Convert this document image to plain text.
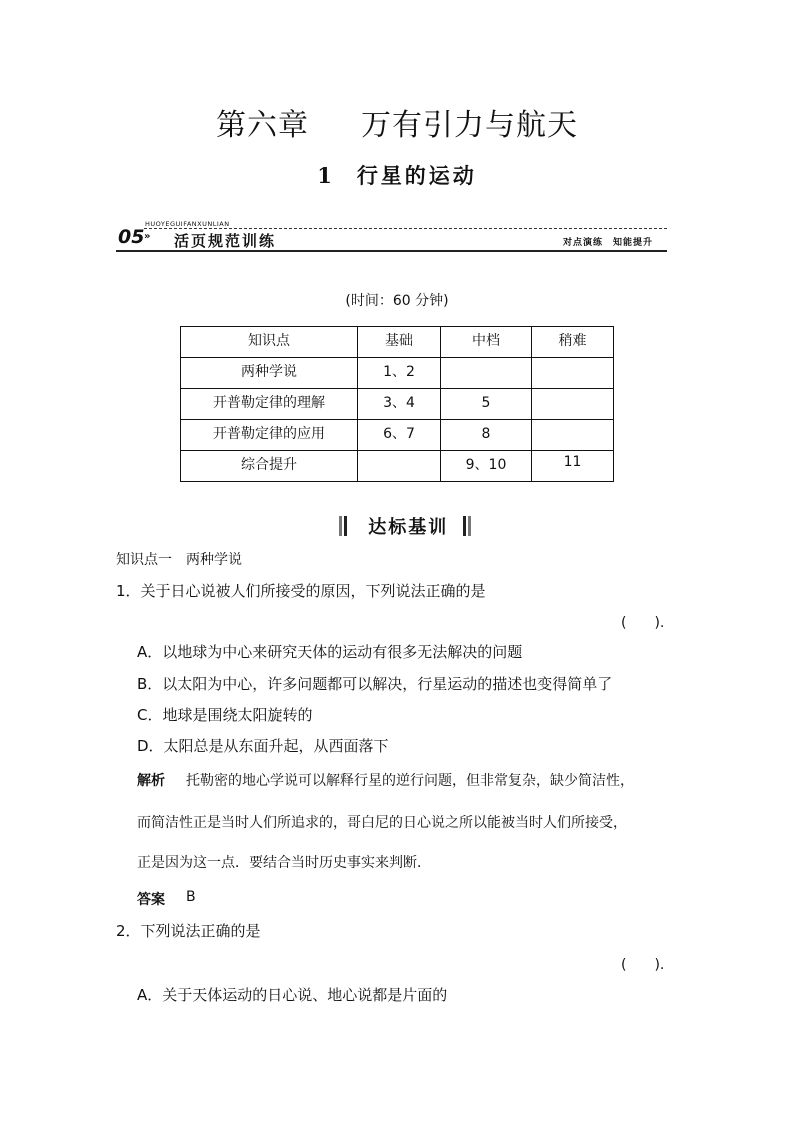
第六章 万有引力与航天
1 行星的运动
05
HUOYEGUIFANXUNLIAN
» 活页规范训练	对点演练　知能提升
(时间：60 分钟)
知识点	基础	中档	稍难

两种学说	1、2		

开普勒定律的理解	3、4	5	

开普勒定律的应用	6、7	8	

综合提升		9、10	11
达标基训
知识点一　两种学说
1．关于日心说被人们所接受的原因，下列说法正确的是
(　　).
A．以地球为中心来研究天体的运动有很多无法解决的问题
B．以太阳为中心，许多问题都可以解决，行星运动的描述也变得简单了
C．地球是围绕太阳旋转的
D．太阳总是从东面升起，从西面落下
解析 托勒密的地心学说可以解释行星的逆行问题，但非常复杂，缺少简洁性，
而简洁性正是当时人们所追求的，哥白尼的日心说之所以能被当时人们所接受，
正是因为这一点．要结合当时历史事实来判断．
答案 B
2．下列说法正确的是
(　　).
A．关于天体运动的日心说、地心说都是片面的
